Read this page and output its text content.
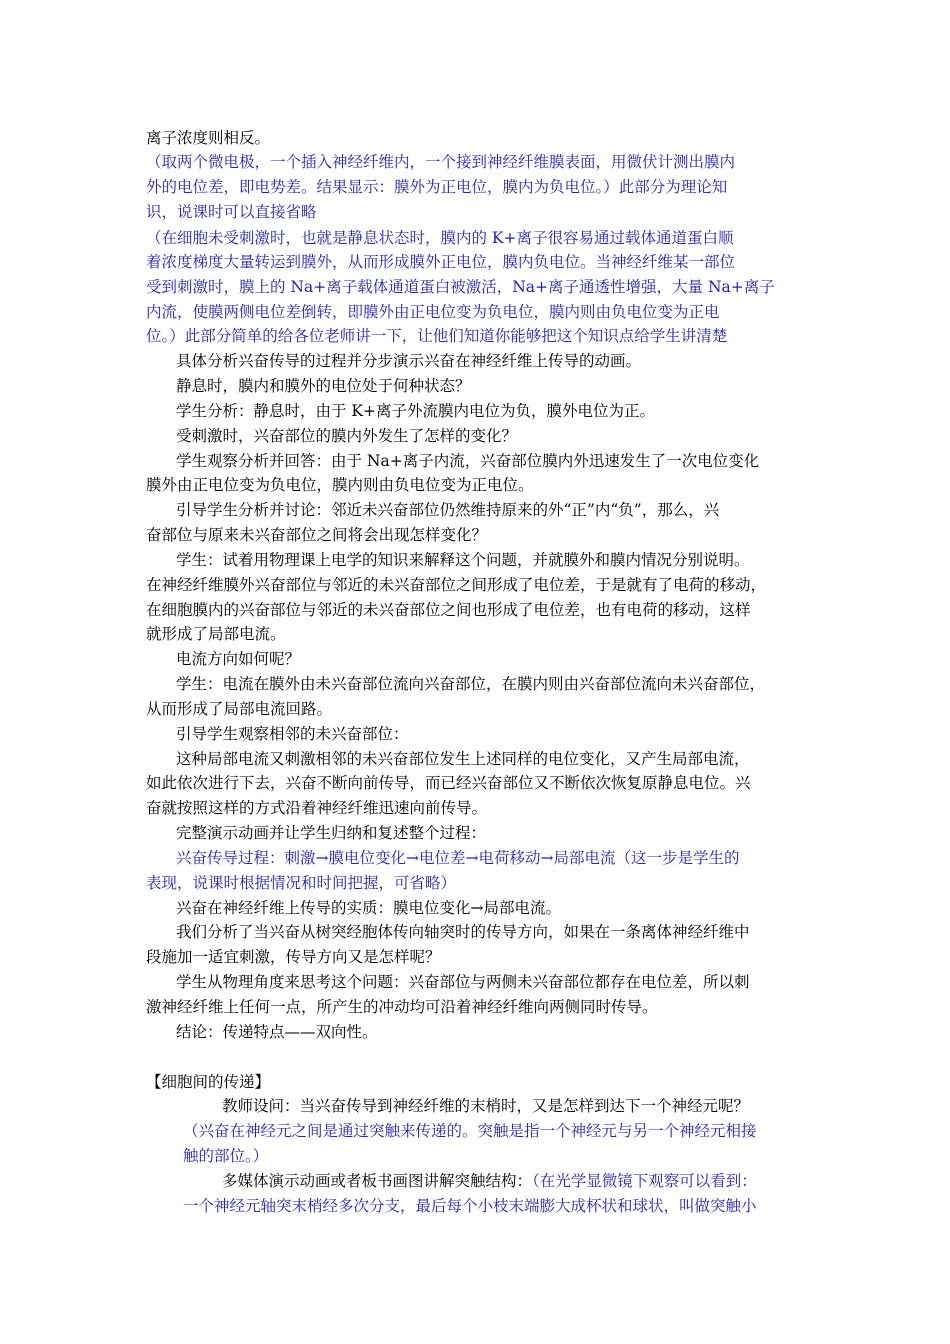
离子浓度则相反。
（取两个微电极，一个插入神经纤维内，一个接到神经纤维膜表面，用微伏计测出膜内
外的电位差，即电势差。结果显示：膜外为正电位，膜内为负电位。）此部分为理论知
识，说课时可以直接省略
（在细胞未受刺激时，也就是静息状态时，膜内的 K+离子很容易通过载体通道蛋白顺
着浓度梯度大量转运到膜外，从而形成膜外正电位，膜内负电位。当神经纤维某一部位
受到刺激时，膜上的 Na+离子载体通道蛋白被激活，Na+离子通透性增强，大量 Na+离子
内流，使膜两侧电位差倒转，即膜外由正电位变为负电位，膜内则由负电位变为正电
位。）此部分简单的给各位老师讲一下，让他们知道你能够把这个知识点给学生讲清楚
具体分析兴奋传导的过程并分步演示兴奋在神经纤维上传导的动画。
静息时，膜内和膜外的电位处于何种状态？
学生分析：静息时，由于 K+离子外流膜内电位为负，膜外电位为正。
受刺激时，兴奋部位的膜内外发生了怎样的变化？
学生观察分析并回答：由于 Na+离子内流，兴奋部位膜内外迅速发生了一次电位变化
膜外由正电位变为负电位，膜内则由负电位变为正电位。
引导学生分析并讨论：邻近未兴奋部位仍然维持原来的外“正”内“负”，那么，兴
奋部位与原来未兴奋部位之间将会出现怎样变化？
学生：试着用物理课上电学的知识来解释这个问题，并就膜外和膜内情况分别说明。
在神经纤维膜外兴奋部位与邻近的未兴奋部位之间形成了电位差，于是就有了电荷的移动，
在细胞膜内的兴奋部位与邻近的未兴奋部位之间也形成了电位差，也有电荷的移动，这样
就形成了局部电流。
电流方向如何呢？
学生：电流在膜外由未兴奋部位流向兴奋部位，在膜内则由兴奋部位流向未兴奋部位，
从而形成了局部电流回路。
引导学生观察相邻的未兴奋部位：
这种局部电流又刺激相邻的未兴奋部位发生上述同样的电位变化，又产生局部电流，
如此依次进行下去，兴奋不断向前传导，而已经兴奋部位又不断依次恢复原静息电位。兴
奋就按照这样的方式沿着神经纤维迅速向前传导。
完整演示动画并让学生归纳和复述整个过程：
兴奋传导过程：刺激→膜电位变化→电位差→电荷移动→局部电流（这一步是学生的
表现，说课时根据情况和时间把握，可省略）
兴奋在神经纤维上传导的实质：膜电位变化→局部电流。
我们分析了当兴奋从树突经胞体传向轴突时的传导方向，如果在一条离体神经纤维中
段施加一适宜刺激，传导方向又是怎样呢？
学生从物理角度来思考这个问题：兴奋部位与两侧未兴奋部位都存在电位差，所以刺
激神经纤维上任何一点，所产生的冲动均可沿着神经纤维向两侧同时传导。
结论：传递特点——双向性。
【细胞间的传递】
教师设问：当兴奋传导到神经纤维的末梢时，又是怎样到达下一个神经元呢？
（兴奋在神经元之间是通过突触来传递的。突触是指一个神经元与另一个神经元相接
触的部位。）
多媒体演示动画或者板书画图讲解突触结构：（在光学显微镜下观察可以看到：
一个神经元轴突末梢经多次分支，最后每个小枝末端膨大成杯状和球状，叫做突触小
